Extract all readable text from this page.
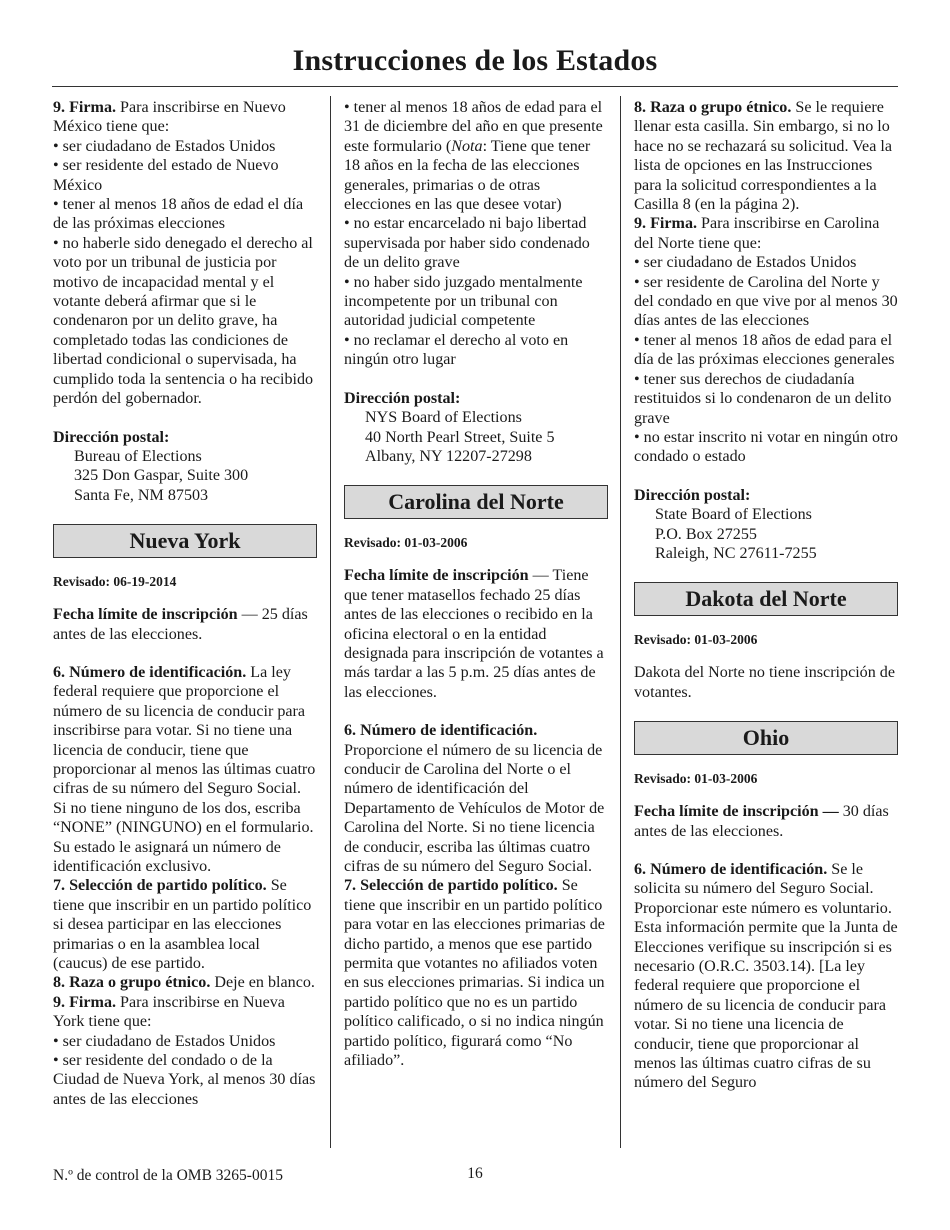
Instrucciones de los Estados

9. Firma. Para inscribirse en Nuevo México tiene que:

• ser ciudadano de Estados Unidos

• ser residente del estado de Nuevo México

• tener al menos 18 años de edad el día de las próximas elecciones

• no haberle sido denegado el derecho al voto por un tribunal de justicia por motivo de incapacidad mental y el votante deberá afirmar que si le condenaron por un delito grave, ha completado todas las condiciones de libertad condicional o supervisada, ha cumplido toda la sentencia o ha recibido perdón del gobernador.

Dirección postal:

Bureau of Elections

325 Don Gaspar, Suite 300

Santa Fe, NM 87503

Nueva York

Revisado: 06-19-2014

Fecha límite de inscripción — 25 días antes de las elecciones.

6. Número de identificación. La ley federal requiere que proporcione el número de su licencia de conducir para inscribirse para votar. Si no tiene una licencia de conducir, tiene que proporcionar al menos las últimas cuatro cifras de su número del Seguro Social. Si no tiene ninguno de los dos, escriba “NONE” (NINGUNO) en el formulario. Su estado le asignará un número de identificación exclusivo.

7. Selección de partido político. Se tiene que inscribir en un partido político si desea participar en las elecciones primarias o en la asamblea local (caucus) de ese partido.

8. Raza o grupo étnico. Deje en blanco.

9. Firma. Para inscribirse en Nueva York tiene que:

• ser ciudadano de Estados Unidos

• ser residente del condado o de la Ciudad de Nueva York, al menos 30 días antes de las elecciones

• tener al menos 18 años de edad para el 31 de diciembre del año en que presente este formulario (Nota: Tiene que tener 18 años en la fecha de las elecciones generales, primarias o de otras elecciones en las que desee votar)

• no estar encarcelado ni bajo libertad supervisada por haber sido condenado de un delito grave

• no haber sido juzgado mentalmente incompetente por un tribunal con autoridad judicial competente

• no reclamar el derecho al voto en ningún otro lugar

Dirección postal:

NYS Board of Elections

40 North Pearl Street, Suite 5

Albany, NY 12207-27298

Carolina del Norte

Revisado: 01-03-2006

Fecha límite de inscripción — Tiene que tener matasellos fechado 25 días antes de las elecciones o recibido en la oficina electoral o en la entidad designada para inscripción de votantes a más tardar a las 5 p.m. 25 días antes de las elecciones.

6. Número de identificación. Proporcione el número de su licencia de conducir de Carolina del Norte o el número de identificación del Departamento de Vehículos de Motor de Carolina del Norte. Si no tiene licencia de conducir, escriba las últimas cuatro cifras de su número del Seguro Social.

7. Selección de partido político. Se tiene que inscribir en un partido político para votar en las elecciones primarias de dicho partido, a menos que ese partido permita que votantes no afiliados voten en sus elecciones primarias. Si indica un partido político que no es un partido político calificado, o si no indica ningún partido político, figurará como “No afiliado”.

8. Raza o grupo étnico. Se le requiere llenar esta casilla. Sin embargo, si no lo hace no se rechazará su solicitud. Vea la lista de opciones en las Instrucciones para la solicitud correspondientes a la Casilla 8 (en la página 2).

9. Firma. Para inscribirse en Carolina del Norte tiene que:

• ser ciudadano de Estados Unidos

• ser residente de Carolina del Norte y del condado en que vive por al menos 30 días antes de las elecciones

• tener al menos 18 años de edad para el día de las próximas elecciones generales

• tener sus derechos de ciudadanía restituidos si lo condenaron de un delito grave

• no estar inscrito ni votar en ningún otro condado o estado

Dirección postal:

State Board of Elections

P.O. Box 27255

Raleigh, NC 27611-7255

Dakota del Norte

Revisado: 01-03-2006

Dakota del Norte no tiene inscripción de votantes.

Ohio

Revisado: 01-03-2006

Fecha límite de inscripción — 30 días antes de las elecciones.

6. Número de identificación. Se le solicita su número del Seguro Social. Proporcionar este número es voluntario. Esta información permite que la Junta de Elecciones verifique su inscripción si es necesario (O.R.C. 3503.14). [La ley federal requiere que proporcione el número de su licencia de conducir para votar. Si no tiene una licencia de conducir, tiene que proporcionar al menos las últimas cuatro cifras de su número del Seguro

N.º de control de la OMB 3265-0015	16
